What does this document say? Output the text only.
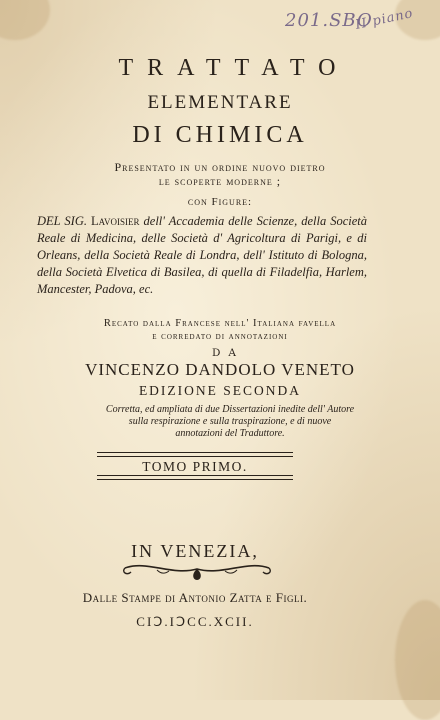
201.SBO
II piano
TRATTATO
ELEMENTARE
DI CHIMICA
Presentato in un ordine nuovo dietro
le scoperte moderne ;
con Figure:
DEL SIG. Lavoisier dell' Accademia delle Scienze, della Società Reale di Medicina, delle Società d' Agricoltura di Parigi, e di Orleans, della Società Reale di Londra, dell' Istituto di Bologna, della Società Elvetica di Basilea, di quella di Filadelfia, Harlem, Mancester, Padova, ec.
Recato dalla Francese nell' Italiana favella
e corredato di annotazioni
DA
VINCENZO DANDOLO VENETO
EDIZIONE SECONDA
Corretta, ed ampliata di due Dissertazioni inedite dell' Autore
sulla respirazione e sulla traspirazione, e di nuove
annotazioni del Traduttore.
TOMO PRIMO.
IN VENEZIA,
Dalle Stampe di Antonio Zatta e Figli.
CIↃ.IↃCC.XCII.
